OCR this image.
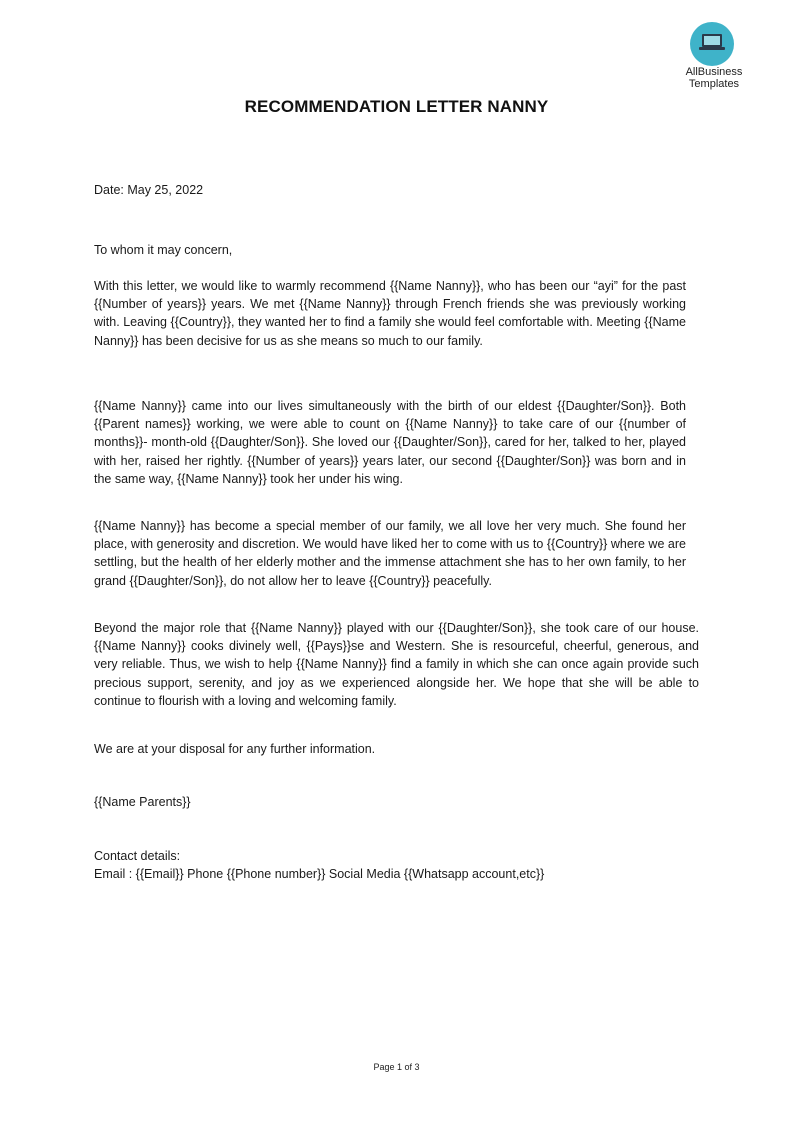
AllBusiness
Templates
RECOMMENDATION LETTER NANNY
Date: May 25, 2022
To whom it may concern,
With this letter, we would like to warmly recommend {{Name Nanny}}, who has been our “ayi” for the past {{Number of years}} years. We met {{Name Nanny}} through French friends she was previously working with. Leaving {{Country}}, they wanted her to find a family she would feel comfortable with. Meeting {{Name Nanny}} has been decisive for us as she means so much to our family.
{{Name Nanny}} came into our lives simultaneously with the birth of our eldest {{Daughter/Son}}. Both {{Parent names}} working, we were able to count on {{Name Nanny}} to take care of our {{number of months}}- month-old {{Daughter/Son}}. She loved our {{Daughter/Son}}, cared for her, talked to her, played with her, raised her rightly. {{Number of years}} years later, our second {{Daughter/Son}} was born and in the same way, {{Name Nanny}} took her under his wing.
{{Name Nanny}} has become a special member of our family, we all love her very much. She found her place, with generosity and discretion. We would have liked her to come with us to {{Country}} where we are settling, but the health of her elderly mother and the immense attachment she has to her own family, to her grand {{Daughter/Son}}, do not allow her to leave {{Country}} peacefully.
Beyond the major role that {{Name Nanny}} played with our {{Daughter/Son}}, she took care of our house. {{Name Nanny}} cooks divinely well, {{Pays}}se and Western. She is resourceful, cheerful, generous, and very reliable. Thus, we wish to help {{Name Nanny}} find a family in which she can once again provide such precious support, serenity, and joy as we experienced alongside her. We hope that she will be able to continue to flourish with a loving and welcoming family.
We are at your disposal for any further information.
{{Name Parents}}
Contact details:
Email : {{Email}} Phone {{Phone number}} Social Media {{Whatsapp account,etc}}
Page 1 of 3
